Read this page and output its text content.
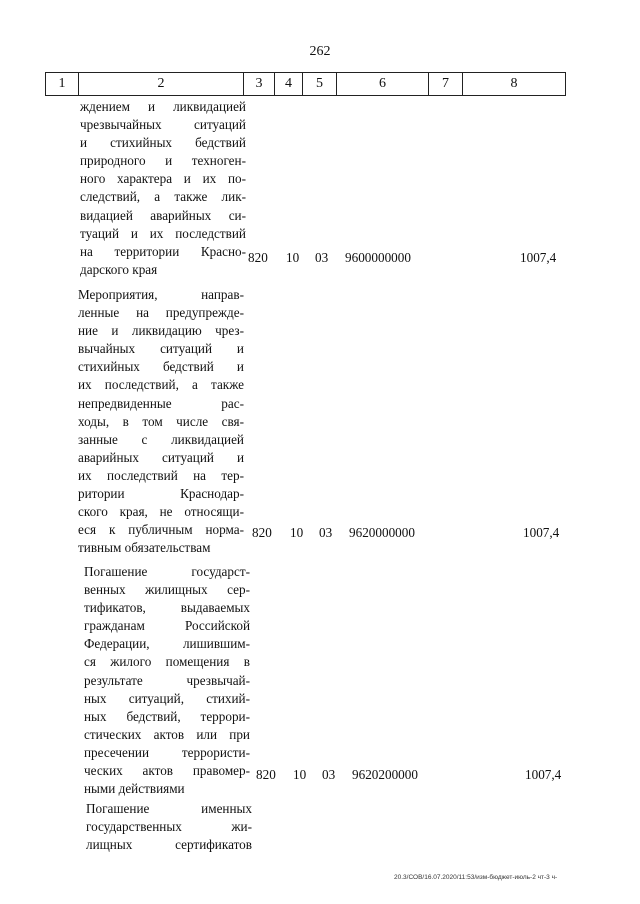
262
1	2	3	4	5	6	7	8
ждением и ликвидацией
чрезвычайных ситуаций
и стихийных бедствий
природного и техноген-
ного характера и их по-
следствий, а также лик-
видацией аварийных си-
туаций и их последствий
на территории Красно-
дарского края
820 10 03 9600000000	1007,4
Мероприятия, направ-
ленные на предупрежде-
ние и ликвидацию чрез-
вычайных ситуаций и
стихийных бедствий и
их последствий, а также
непредвиденные рас-
ходы, в том числе свя-
занные с ликвидацией
аварийных ситуаций и
их последствий на тер-
ритории Краснодар-
ского края, не относящи-
еся к публичным норма-
тивным обязательствам
820 10 03 9620000000	1007,4
Погашение государст-
венных жилищных сер-
тификатов, выдаваемых
гражданам Российской
Федерации, лишившим-
ся жилого помещения в
результате чрезвычай-
ных ситуаций, стихий-
ных бедствий, террори-
стических актов или при
пресечении террористи-
ческих актов правомер-
ными действиями
820 10 03 9620200000	1007,4
Погашение именных
государственных жи-
лищных сертификатов
20.3/СОВ/16.07.2020/11:53/изм-бюджет-июль-2 чт-3 ч-
